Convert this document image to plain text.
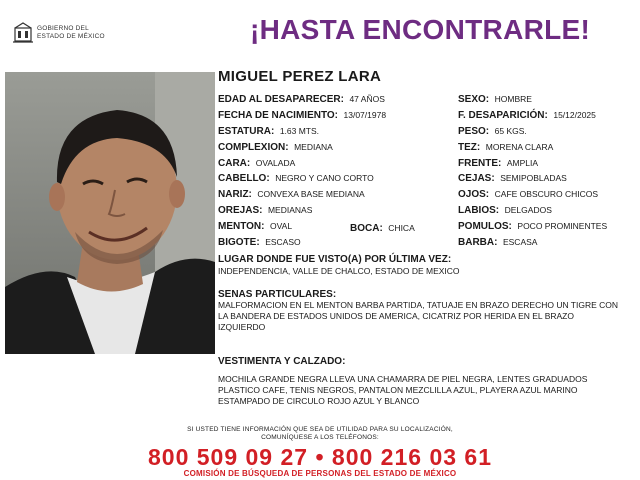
GOBIERNO DEL
ESTADO DE MÉXICO	¡HASTA ENCONTRARLE!
MIGUEL PEREZ LARA
EDAD AL DESAPARECER: 47 AÑOS
FECHA DE NACIMIENTO: 13/07/1978
ESTATURA: 1.63 MTS.
COMPLEXION: MEDIANA
CARA: OVALADA
CABELLO: NEGRO Y CANO CORTO
NARIZ: CONVEXA BASE MEDIANA
OREJAS: MEDIANAS
MENTON: OVAL	BOCA: CHICA
BIGOTE: ESCASO
SEXO: HOMBRE
F. DESAPARICIÓN: 15/12/2025
PESO: 65 KGS.
TEZ: MORENA CLARA
FRENTE: AMPLIA
CEJAS: SEMIPOBLADAS
OJOS: CAFE OBSCURO CHICOS
LABIOS: DELGADOS
POMULOS: POCO PROMINENTES
BARBA: ESCASA
LUGAR DONDE FUE VISTO(A) POR ÚLTIMA VEZ:
INDEPENDENCIA, VALLE DE CHALCO, ESTADO DE MEXICO
SENAS PARTICULARES:
MALFORMACION EN EL MENTON BARBA PARTIDA, TATUAJE EN BRAZO DERECHO UN TIGRE CON LA BANDERA DE ESTADOS UNIDOS DE AMERICA, CICATRIZ POR HERIDA EN EL BRAZO IZQUIERDO
VESTIMENTA Y CALZADO:
MOCHILA GRANDE NEGRA LLEVA UNA CHAMARRA DE PIEL NEGRA, LENTES GRADUADOS PLASTICO CAFE, TENIS NEGROS, PANTALON MEZCLILLA AZUL, PLAYERA AZUL MARINO ESTAMPADO DE CIRCULO ROJO AZUL Y BLANCO
SI USTED TIENE INFORMACIÓN QUE SEA DE UTILIDAD PARA SU LOCALIZACIÓN,
COMUNÍQUESE A LOS TELÉFONOS:
800 509 09 27 • 800 216 03 61
COMISIÓN DE BÚSQUEDA DE PERSONAS DEL ESTADO DE MÉXICO
